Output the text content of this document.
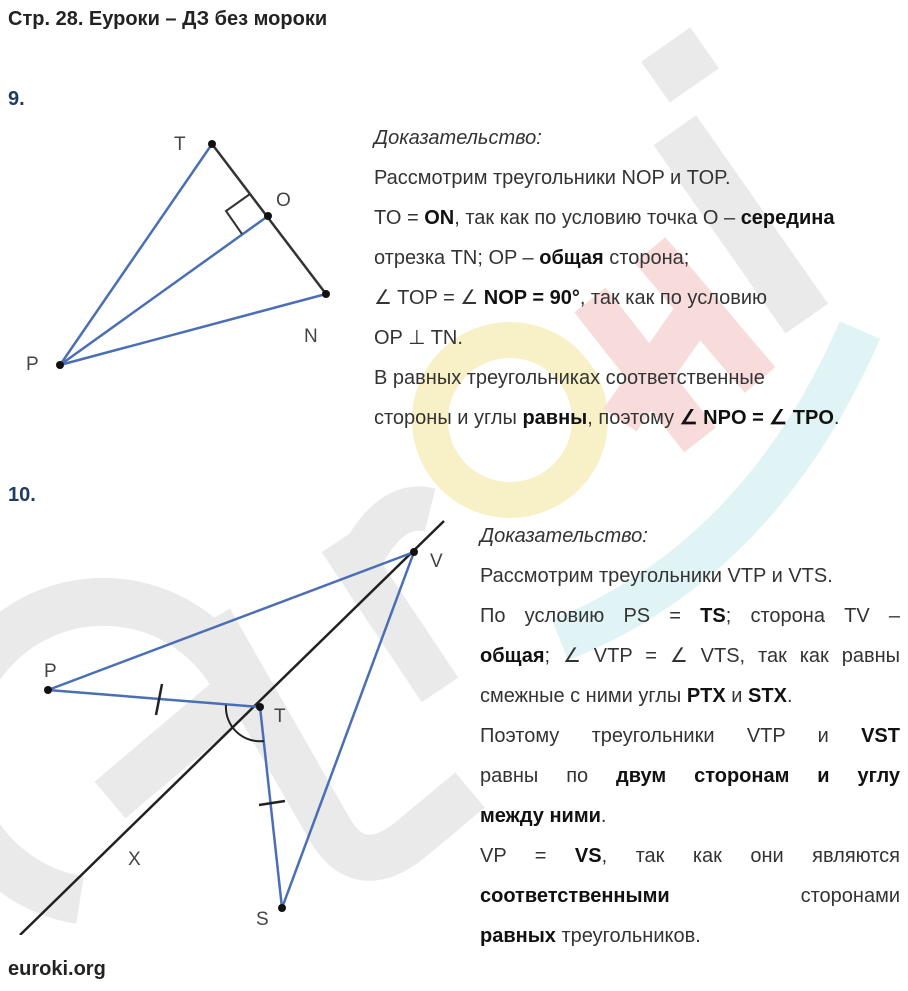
Стр. 28. Еуроки – ДЗ без мороки
9.
T
O
N
P
Доказательство:
Рассмотрим треугольники NOP и TOP.
TO = ON, так как по условию точка O – середина
отрезка TN; OP – общая сторона;
∠ TOP = ∠ NOP = 90°, так как по условию
OP ⊥ TN.
В равных треугольниках соответственные
стороны и углы равны, поэтому ∠ NPO = ∠ TPO.
10.
V
P
T
X
S
Доказательство:
Рассмотрим треугольники VTP и VTS.
По условию PS = TS; сторона TV –
общая; ∠ VTP = ∠ VTS, так как равны
смежные с ними углы PTX и STX.
Поэтому треугольники VTP и VST
равны по двум сторонам и углу
между ними.
VP = VS, так как они являются
соответственными сторонами
равных треугольников.
euroki.org
